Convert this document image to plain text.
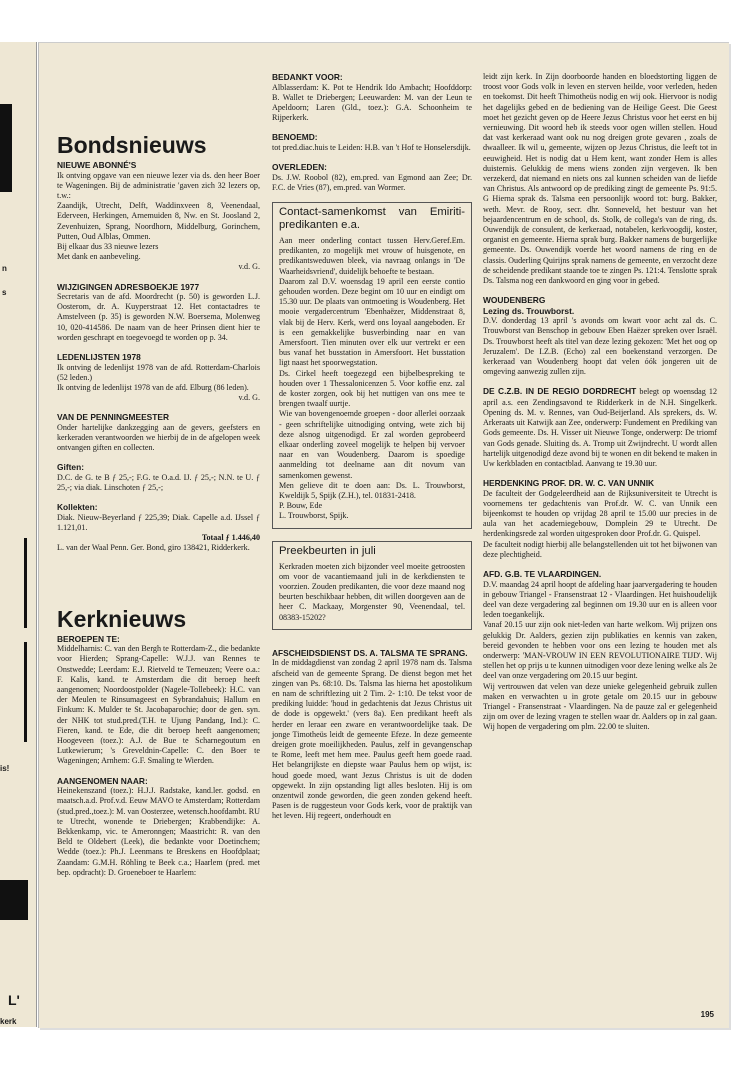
n
s
is!
L'
kerk
Bondsnieuws

NIEUWE ABONNÉ'S

Ik ontving opgave van een nieuwe lezer via ds. den heer Boer te Wageningen. Bij de administratie 'gaven zich 32 lezers op, t.w.:

Zaandijk, Utrecht, Delft, Waddinxveen 8, Veenendaal, Ederveen, Herkingen, Arnemuiden 8, Nw. en St. Joosland 2, Zevenhuizen, Sprang, Noordhorn, Middelburg, Gorinchem, Putten, Oud Alblas, Ommen.

Bij elkaar dus 33 nieuwe lezers

Met dank en aanbeveling.

v.d. G.

WIJZIGINGEN ADRESBOEKJE 1977

Secretaris van de afd. Moordrecht (p. 50) is geworden L.J. Oosterom, dr. A. Kuyperstraat 12. Het contactadres te Amstelveen (p. 35) is geworden N.W. Boersema, Molenweg 10, 020-414586. De naam van de heer Prinsen dient hier te worden geschrapt en toegevoegd te worden op p. 34.

LEDENLIJSTEN 1978

Ik ontving de ledenlijst 1978 van de afd. Rotterdam-Charlois (52 leden.)

Ik ontving de ledenlijst 1978 van de afd. Elburg (86 leden).

v.d. G.

VAN DE PENNINGMEESTER

Onder hartelijke dankzegging aan de gevers, geefsters en kerkeraden verantwoorden we hierbij de in de afgelopen week ontvangen giften en collecten.

Giften:

D.C. de G. te B ƒ 25,-; F.G. te O.a.d. IJ. ƒ 25,-; N.N. te U. ƒ 25,-; via diak. Linschoten ƒ 25,-;

Kollekten:

Diak. Nieuw-Beyerland ƒ 225,39; Diak. Capelle a.d. IJssel ƒ 1.121,01.

Totaal ƒ 1.446,40

L. van der Waal Penn. Ger. Bond, giro 138421, Ridderkerk.

Kerknieuws

BEROEPEN TE:

Middelharnis: C. van den Bergh te Rotterdam-Z., die bedankte voor Hierden; Sprang-Capelle: W.J.J. van Rennes te Onstwedde; Leerdam: E.J. Rietveld te Terneuzen; Veere o.a.: F. Kalis, kand. te Amsterdam die dit beroep heeft aangenomen; Noordoostpolder (Nagele-Tollebeek): H.C. van der Meulen te Rinsumageest en Sybrandahuis; Hallum en Finkum: K. Mulder te St. Jacobaparochie; door de gen. syn. der NHK tot stud.pred.(T.H. te Ujung Pandang, Ind.): C. Fieren, kand. te Ede, die dit beroep heeft aangenomen; Hoogeveen (toez.): A.J. de Bue te Scharnegoutum en Lutkewierum; 's Greveldnin-Capelle: C. den Boer te Wageningen; Arnhem: G.F. Smaling te Wierden.

AANGENOMEN NAAR:

Heinekenszand (toez.): H.J.J. Radstake, kand.ler. godsd. en maatsch.a.d. Prof.v.d. Eeuw MAVO te Amsterdam; Rotterdam (stud.pred.,toez.): M. van Oosterzee, wetensch.hoofdambt. RU te Utrecht, wonende te Driebergen; Krabbendijke: A. Bekkenkamp, vic. te Ameronngen; Maastricht: R. van den Beld te Oldebert (Leek), die bedankte voor Doetinchem; Wedde (toez.): Ph.J. Leenmans te Breskens en Hoofdplaat; Zaandam: G.M.H. Röhling te Beek c.a.; Haarlem (pred. met bep. opdracht): D. Groeneboer te Haarlem:

BEDANKT VOOR:

Alblasserdam: K. Pot te Hendrik Ido Ambacht; Hoofddorp: B. Wallet te Driebergen; Leeuwarden: M. van der Leun te Apeldoorn; Laren (Gld., toez.): G.A. Schoonheim te Rijperkerk.

BENOEMD:

tot pred.diac.huis te Leiden: H.B. van 't Hof te Honselersdijk.

OVERLEDEN:

Ds. J.W. Roobol (82), em.pred. van Egmond aan Zee; Dr. F.C. de Vries (87), em.pred. van Wormer.

Contact-samenkomst van Emiriti-predikanten e.a.

Aan meer onderling contact tussen Herv.Geref.Em. predikanten, zo mogelijk met vrouw of huisgenote, en predikantsweduwen bleek, via navraag onlangs in 'De Waarheidsvriend', duidelijk behoefte te bestaan.

Daarom zal D.V. woensdag 19 april een eerste contio gehouden worden. Deze begint om 10 uur en eindigt om 15.30 uur. De plaats van ontmoeting is Woudenberg. Het mooie vergadercentrum 'Ebenhaëzer, Middenstraat 8, vlak bij de Herv. Kerk, werd ons loyaal aangeboden. Er is een gemakkelijke busverbinding naar en van Amersfoort. Tien minuten over elk uur vertrekt er een bus vanaf het busstation in Amersfoort. Het busstation ligt naast het spoorwegstation.

Ds. Cirkel heeft toegezegd een bijbelbespreking te houden over 1 Thessalonicenzen 5. Voor koffie enz. zal de koster zorgen, ook bij het nuttigen van ons mee te brengen twaalf uurtje.

Wie van bovengenoemde groepen - door allerlei oorzaak - geen schriftelijke uitnodiging ontving, wete zich bij deze alsnog uitgenodigd. Er zal worden geprobeerd elkaar onderling zoveel mogelijk te helpen bij vervoer naar en van Woudenberg. Daarom is spoedige aanmelding tot deelname aan dit novum van samenkomen gewenst.

Men gelieve dit te doen aan: Ds. L. Trouwborst, Kweldijk 5, Spijk (Z.H.), tel. 01831-2418.

P. Bouw, Ede

L. Trouwborst, Spijk.

Preekbeurten in juli

Kerkraden moeten zich bijzonder veel moeite getroosten om voor de vacantiemaand juli in de kerkdiensten te voorzien. Zouden predikanten, die voor deze maand nog beurten beschikbaar hebben, dit willen doorgeven aan de heer C. Mackaay, Morgenster 90, Veenendaal, tel. 08383-15202?

AFSCHEIDSDIENST DS. A. TALSMA TE SPRANG.

In de middagdienst van zondag 2 april 1978 nam ds. Talsma afscheid van de gemeente Sprang. De dienst begon met het zingen van Ps. 68:10. Ds. Talsma las hierna het apostolikum en nam de schriftlezing uit 2 Tim. 2- 1:10. De tekst voor de prediking luidde: 'houd in gedachtenis dat Jezus Christus uit de dode is opgewekt.' (vers 8a). Een predikant heeft als herder en leraar een zware en verantwoordelijke taak. De jonge Timotheüs leidt de gemeente Efeze. In deze gemeente dreigen grote moeilijkheden. Paulus, zelf in gevangenschap te Rome, leeft met hem mee. Paulus geeft hem goede raad. Het belangrijkste en diepste waar Paulus hem op wijst, is: houd goede moed, want Jezus Christus is uit de doden opgewekt. In zijn opstanding ligt alles besloten. Hij is om onzentwil zonde geworden, die geen zonden gekend heeft. Pasen is de ruggesteun voor Gods kerk, voor de praktijk van het leven. Hij regeert, onderhoudt en

leidt zijn kerk. In Zijn doorboorde handen en bloedstorting liggen de troost voor Gods volk in leven en sterven heilde, voor verleden, heden en toekomst. Dit heeft Thimotheüs nodig en wij ook. Hiervoor is nodig het dagelijks gebed en de bediening van de Heilige Geest. Die Geest moet het gezicht geven op de Heere Jezus Christus voor het eerst en bij vernieuwing. Dit woord heb ik steeds voor ogen willen stellen. Houd dat vast kerkeraad want ook nu nog dreigen grote gevaren , zoals de dwaalleer. Ik wil u, gemeente, wijzen op Jezus Christus, die leeft tot in eeuwigheid. Het is nodig dat u Hem kent, want zonder Hem is alles duisternis. Gelukkig de mens wiens zonden zijn vergeven. Ik ben verzekerd, dat niemand en niets ons zal kunnen scheiden van de liefde van Christus. Als antwoord op de prediking zingt de gemeente Ps. 91:5. G Hierna sprak ds. Talsma een persoonlijk woord tot: burg. Bakker, weth. Mevr. de Rooy, secr. dhr. Sonneveld, het bestuur van het bejaardencentrum en de school, ds. Stolk, de collega's van de ring, ds. Ouwendijk de consulent, de kerkeraad, notabelen, kerkvoogdij, koster, organist en gemeente. Hierna sprak burg. Bakker namens de burgerlijke gemeente. Ds. Ouwendijk voerde het woord namens de ring en de classis. Ouderling Quirijns sprak namens de gemeente, en verzocht deze de scheidende predikant staande toe te zingen Ps. 121:4. Tenslotte sprak Ds. Talsma nog een dankwoord en ging voor in gebed.

WOUDENBERG

Lezing ds. Trouwborst.

D.V. donderdag 13 april 's avonds om kwart voor acht zal ds. C. Trouwborst van Benschop in gebouw Eben Haëzer spreken over Israël. Ds. Trouwborst heeft als titel van deze lezing gekozen: 'Met het oog op Jeruzalem'. De I.Z.B. (Echo) zal een boekenstand verzorgen. De kerkeraad van Woudenberg hoopt dat velen óók jongeren uit de omgeving aanwezig zullen zijn.

DE C.Z.B. IN DE REGIO DORDRECHT belegt op woensdag 12 april a.s. een Zendingsavond te Ridderkerk in de N.H. Singelkerk. Opening ds. M. v. Rennes, van Oud-Beijerland. Als sprekers, ds. W. Arkeraats uit Katwijk aan Zee, onderwerp: Fundement en Prediking van Gods gemeente. Ds. H. Visser uit Nieuwe Tonge, onderwerp: De triomf van Gods genade. Sluiting ds. A. Tromp uit Zwijndrecht. U wordt allen hartelijk uitgenodigd deze avond bij te wonen en dit bekend te maken in Uw kerkbladen en contactblad. Aanvang te 19.30 uur.

HERDENKING PROF. DR. W. C. VAN UNNIK

De faculteit der Godgeleerdheid aan de Rijksuniversiteit te Utrecht is voornemens ter gedachtenis van Prof.dr. W. C. van Unnik een bijeenkomst te houden op vrijdag 28 april te 15.00 uur precies in de aula van het academiegebouw, Domplein 29 te Utrecht. De herdenkingsrede zal worden uitgesproken door Prof.dr. G. Quispel.

De faculteit nodigt hierbij alle belangstellenden uit tot het bijwonen van deze plechtigheid.

AFD. G.B. TE VLAARDINGEN.

D.V. maandag 24 april hoopt de afdeling haar jaarvergadering te houden in gebouw Triangel - Fransenstraat 12 - Vlaardingen. Het huishoudelijk deel van deze vergadering zal beginnen om 19.30 uur en is alleen voor leden toegankelijk.

Vanaf 20.15 uur zijn ook niet-leden van harte welkom. Wij prijzen ons gelukkig Dr. Aalders, gezien zijn publikaties en kennis van zaken, bereid gevonden te hebben voor ons een lezing te houden met als onderwerp: 'MAN-VROUW IN EEN REVOLUTIONAIRE TIJD'. Wij stellen het op prijs u te kunnen uitnodigen voor deze lening welke als 2e deel van onze vergadering om 20.15 uur begint.

Wij vertrouwen dat velen van deze unieke gelegenheid gebruik zullen maken en verwachten u in grote getale om 20.15 uur in gebouw Triangel - Fransenstraat - Vlaardingen. Na de pauze zal er gelegenheid zijn om over de lezing vragen te stellen waar dr. Aalders op in zal gaan. Wij hopen de vergadering om plm. 22.00 te sluiten.

195
